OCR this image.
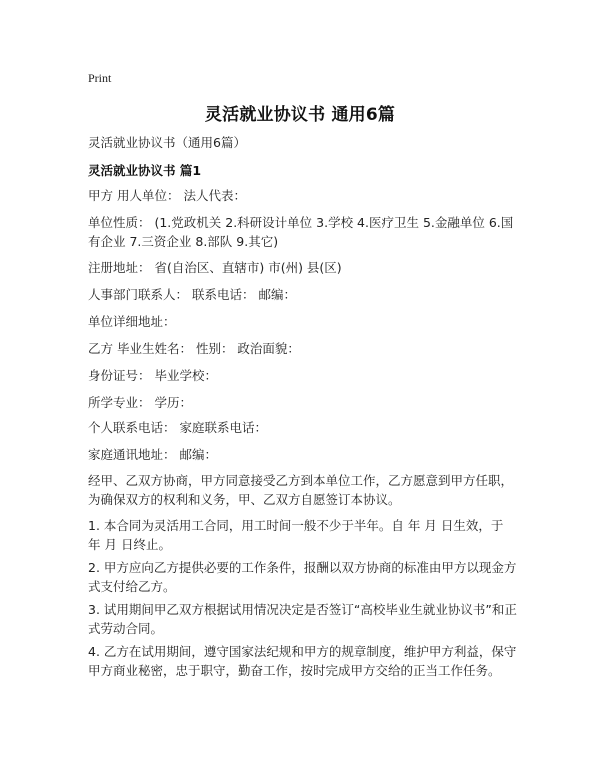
Print
灵活就业协议书 通用6篇
灵活就业协议书（通用6篇）
灵活就业协议书 篇1

甲方 用人单位： 法人代表：

单位性质： (1.党政机关 2.科研设计单位 3.学校 4.医疗卫生 5.金融单位 6.国有企业 7.三资企业 8.部队 9.其它)

注册地址： 省(自治区、直辖市) 市(州) 县(区)

人事部门联系人： 联系电话： 邮编：

单位详细地址：

乙方 毕业生姓名： 性别： 政治面貌：

身份证号： 毕业学校：

所学专业： 学历：

个人联系电话： 家庭联系电话：

家庭通讯地址： 邮编：

经甲、乙双方协商，甲方同意接受乙方到本单位工作，乙方愿意到甲方任职，为确保双方的权利和义务，甲、乙双方自愿签订本协议。

1. 本合同为灵活用工合同，用工时间一般不少于半年。自 年 月 日生效，于 年 月 日终止。

2. 甲方应向乙方提供必要的工作条件，报酬以双方协商的标准由甲方以现金方式支付给乙方。

3. 试用期间甲乙双方根据试用情况决定是否签订“高校毕业生就业协议书”和正式劳动合同。

4. 乙方在试用期间，遵守国家法纪规和甲方的规章制度，维护甲方利益，保守甲方商业秘密，忠于职守，勤奋工作，按时完成甲方交给的正当工作任务。
